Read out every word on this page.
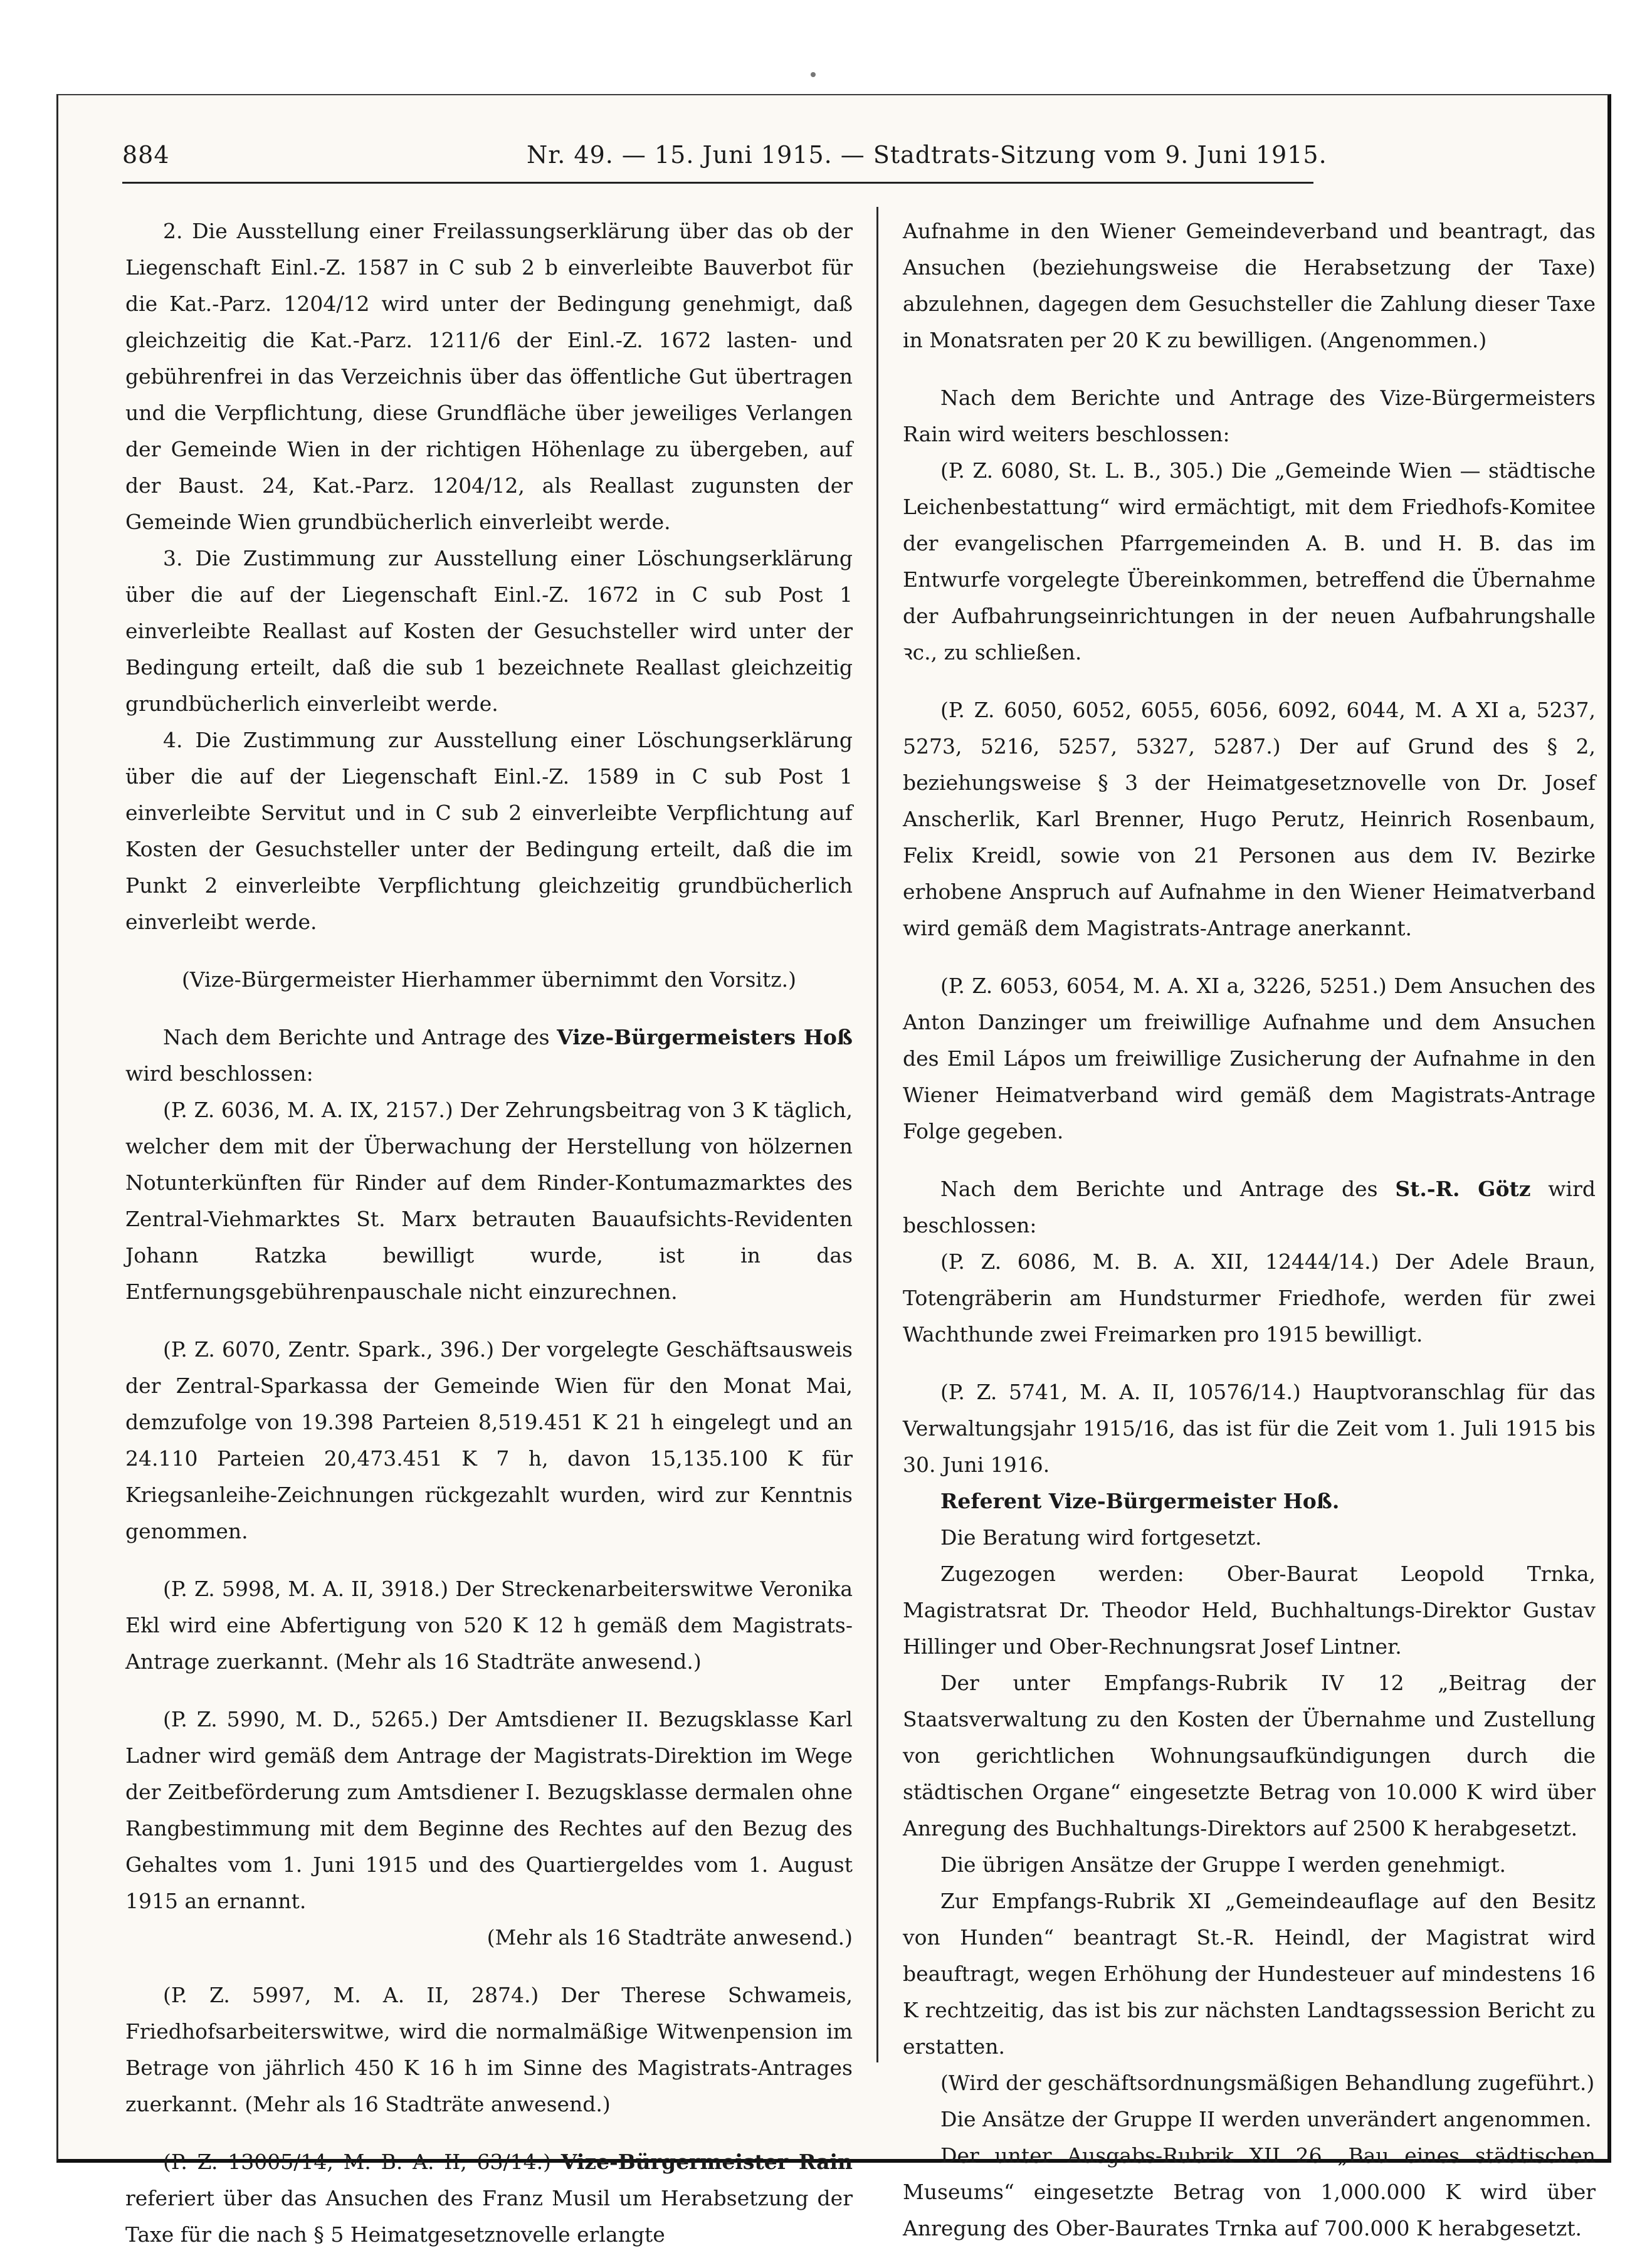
884	Nr. 49. — 15. Juni 1915. — Stadtrats-Sitzung vom 9. Juni 1915.

2. Die Ausstellung einer Freilassungserklärung über das ob der Liegenschaft Einl.-Z. 1587 in C sub 2 b einverleibte Bauverbot für die Kat.-Parz. 1204/12 wird unter der Bedingung genehmigt, daß gleichzeitig die Kat.-Parz. 1211/6 der Einl.-Z. 1672 lasten- und gebührenfrei in das Verzeichnis über das öffentliche Gut übertragen und die Verpflichtung, diese Grundfläche über jeweiliges Verlangen der Gemeinde Wien in der richtigen Höhenlage zu übergeben, auf der Baust. 24, Kat.-Parz. 1204/12, als Reallast zugunsten der Gemeinde Wien grundbücherlich einverleibt werde.

3. Die Zustimmung zur Ausstellung einer Löschungserklärung über die auf der Liegenschaft Einl.-Z. 1672 in C sub Post 1 einverleibte Reallast auf Kosten der Gesuchsteller wird unter der Bedingung erteilt, daß die sub 1 bezeichnete Reallast gleichzeitig grundbücherlich einverleibt werde.

4. Die Zustimmung zur Ausstellung einer Löschungserklärung über die auf der Liegenschaft Einl.-Z. 1589 in C sub Post 1 einverleibte Servitut und in C sub 2 einverleibte Verpflichtung auf Kosten der Gesuchsteller unter der Bedingung erteilt, daß die im Punkt 2 einverleibte Verpflichtung gleichzeitig grundbücherlich einverleibt werde.

(Vize-Bürgermeister Hierhammer übernimmt den Vorsitz.)

Nach dem Berichte und Antrage des Vize-Bürgermeisters Hoß wird beschlossen:

(P. Z. 6036, M. A. IX, 2157.) Der Zehrungsbeitrag von 3 K täglich, welcher dem mit der Überwachung der Herstellung von hölzernen Notunterkünften für Rinder auf dem Rinder-Kontumazmarktes des Zentral-Viehmarktes St. Marx betrauten Bauaufsichts-Revidenten Johann Ratzka bewilligt wurde, ist in das Entfernungsgebührenpauschale nicht einzurechnen.

(P. Z. 6070, Zentr. Spark., 396.) Der vorgelegte Geschäftsausweis der Zentral-Sparkassa der Gemeinde Wien für den Monat Mai, demzufolge von 19.398 Parteien 8,519.451 K 21 h eingelegt und an 24.110 Parteien 20,473.451 K 7 h, davon 15,135.100 K für Kriegsanleihe-Zeichnungen rückgezahlt wurden, wird zur Kenntnis genommen.

(P. Z. 5998, M. A. II, 3918.) Der Streckenarbeiterswitwe Veronika Ekl wird eine Abfertigung von 520 K 12 h gemäß dem Magistrats-Antrage zuerkannt. (Mehr als 16 Stadträte anwesend.)

(P. Z. 5990, M. D., 5265.) Der Amtsdiener II. Bezugsklasse Karl Ladner wird gemäß dem Antrage der Magistrats-Direktion im Wege der Zeitbeförderung zum Amtsdiener I. Bezugsklasse dermalen ohne Rangbestimmung mit dem Beginne des Rechtes auf den Bezug des Gehaltes vom 1. Juni 1915 und des Quartiergeldes vom 1. August 1915 an ernannt.

(Mehr als 16 Stadträte anwesend.)

(P. Z. 5997, M. A. II, 2874.) Der Therese Schwameis, Friedhofsarbeiterswitwe, wird die normalmäßige Witwenpension im Betrage von jährlich 450 K 16 h im Sinne des Magistrats-Antrages zuerkannt. (Mehr als 16 Stadträte anwesend.)

(P. Z. 13005/14, M. B. A. II, 63/14.) Vize-Bürgermeister Rain referiert über das Ansuchen des Franz Musil um Herabsetzung der Taxe für die nach § 5 Heimatgesetznovelle erlangte

Aufnahme in den Wiener Gemeindeverband und beantragt, das Ansuchen (beziehungsweise die Herabsetzung der Taxe) abzulehnen, dagegen dem Gesuchsteller die Zahlung dieser Taxe in Monatsraten per 20 K zu bewilligen. (Angenommen.)

Nach dem Berichte und Antrage des Vize-Bürgermeisters Rain wird weiters beschlossen:

(P. Z. 6080, St. L. B., 305.) Die „Gemeinde Wien — städtische Leichenbestattung“ wird ermächtigt, mit dem Friedhofs-Komitee der evangelischen Pfarrgemeinden A. B. und H. B. das im Entwurfe vorgelegte Übereinkommen, betreffend die Übernahme der Aufbahrungseinrichtungen in der neuen Aufbahrungshalle ꝛc., zu schließen.

(P. Z. 6050, 6052, 6055, 6056, 6092, 6044, M. A XI a, 5237, 5273, 5216, 5257, 5327, 5287.) Der auf Grund des § 2, beziehungsweise § 3 der Heimatgesetznovelle von Dr. Josef Anscherlik, Karl Brenner, Hugo Perutz, Heinrich Rosenbaum, Felix Kreidl, sowie von 21 Personen aus dem IV. Bezirke erhobene Anspruch auf Aufnahme in den Wiener Heimatverband wird gemäß dem Magistrats-Antrage anerkannt.

(P. Z. 6053, 6054, M. A. XI a, 3226, 5251.) Dem Ansuchen des Anton Danzinger um freiwillige Aufnahme und dem Ansuchen des Emil Lápos um freiwillige Zusicherung der Aufnahme in den Wiener Heimatverband wird gemäß dem Magistrats-Antrage Folge gegeben.

Nach dem Berichte und Antrage des St.-R. Götz wird beschlossen:

(P. Z. 6086, M. B. A. XII, 12444/14.) Der Adele Braun, Totengräberin am Hundsturmer Friedhofe, werden für zwei Wachthunde zwei Freimarken pro 1915 bewilligt.

(P. Z. 5741, M. A. II, 10576/14.) Hauptvoranschlag für das Verwaltungsjahr 1915/16, das ist für die Zeit vom 1. Juli 1915 bis 30. Juni 1916.

Referent Vize-Bürgermeister Hoß.

Die Beratung wird fortgesetzt.

Zugezogen werden: Ober-Baurat Leopold Trnka, Magistratsrat Dr. Theodor Held, Buchhaltungs-Direktor Gustav Hillinger und Ober-Rechnungsrat Josef Lintner.

Der unter Empfangs-Rubrik IV 12 „Beitrag der Staatsverwaltung zu den Kosten der Übernahme und Zustellung von gerichtlichen Wohnungsaufkündigungen durch die städtischen Organe“ eingesetzte Betrag von 10.000 K wird über Anregung des Buchhaltungs-Direktors auf 2500 K herabgesetzt.

Die übrigen Ansätze der Gruppe I werden genehmigt.

Zur Empfangs-Rubrik XI „Gemeindeauflage auf den Besitz von Hunden“ beantragt St.-R. Heindl, der Magistrat wird beauftragt, wegen Erhöhung der Hundesteuer auf mindestens 16 K rechtzeitig, das ist bis zur nächsten Landtagssession Bericht zu erstatten.

(Wird der geschäftsordnungsmäßigen Behandlung zugeführt.)

Die Ansätze der Gruppe II werden unverändert angenommen.

Der unter Ausgabs-Rubrik XII 26 „Bau eines städtischen Museums“ eingesetzte Betrag von 1,000.000 K wird über Anregung des Ober-Baurates Trnka auf 700.000 K herabgesetzt.
